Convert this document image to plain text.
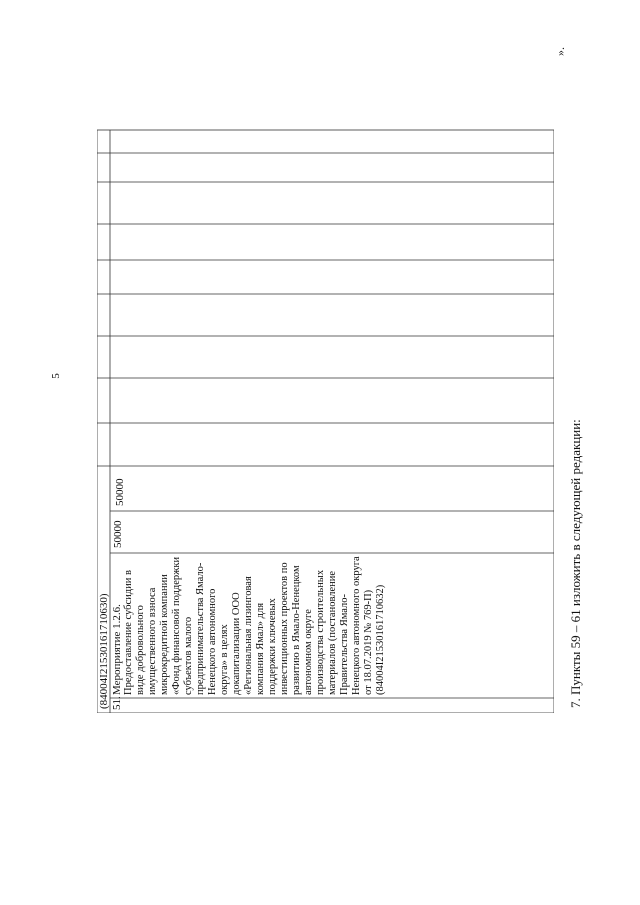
5
(84004I21530161710630) 51.
Мероприятие 1.2.6. Предоставление субсидии в виде добровольного имущественного взноса микрокредитной компании «Фонд финансовой поддержки субъектов малого предпринимательства Ямало-Ненецкого автономного округа» в целях докапитализации ООО «Региональная лизинговая компания Ямал» для поддержки ключевых инвестиционных проектов по развитию в Ямало-Ненецком автономном округе производства строительных материалов (постановление Правительства Ямало-Ненецкого автономного округа от 18.07.2019 № 769-П) (84004I21530161710632)
50000
50000
».
7. Пункты 59 – 61 изложить в следующей редакции:
